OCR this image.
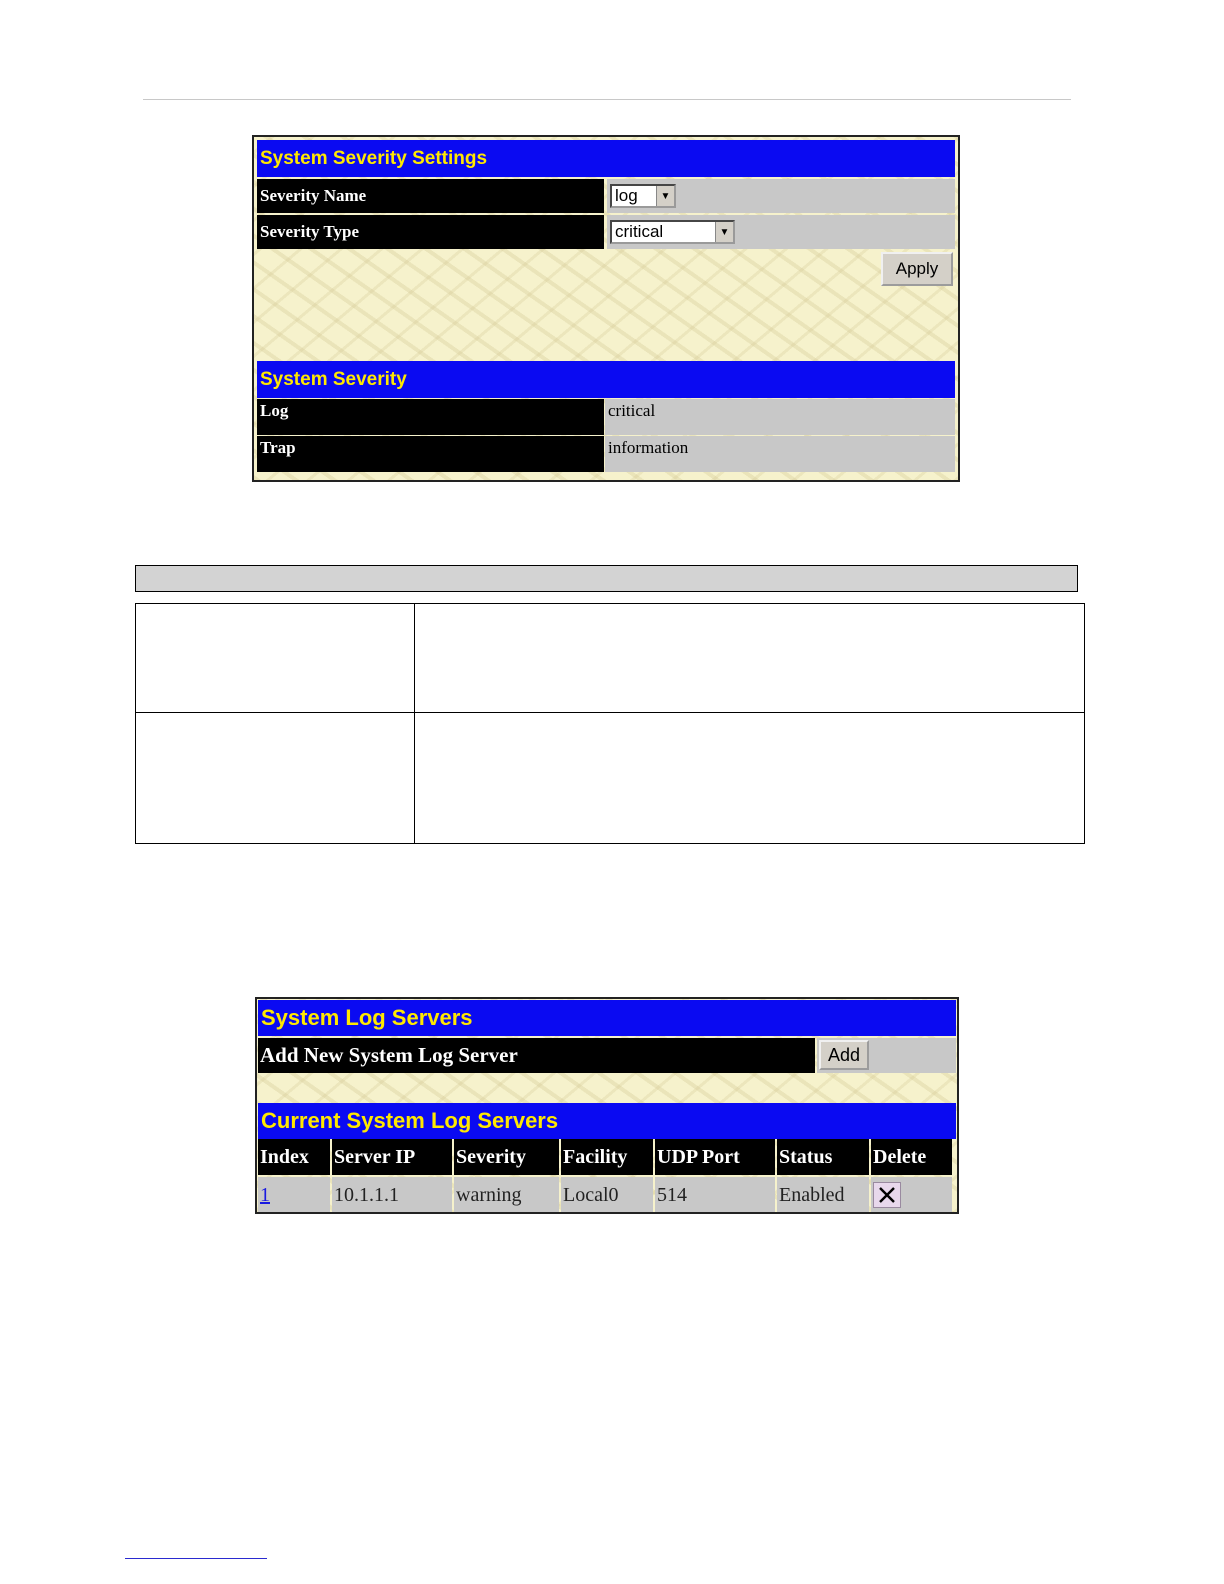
System Severity Settings
Severity Name	log	▼
Severity Type	critical	▼
Apply
System Severity
Log	critical
Trap	information

System Log Servers
Add New System Log Server	Add
Current System Log Servers
Index	Server IP	Severity	Facility	UDP Port	Status	Delete

1	10.1.1.1	warning	Local0	514	Enabled	
